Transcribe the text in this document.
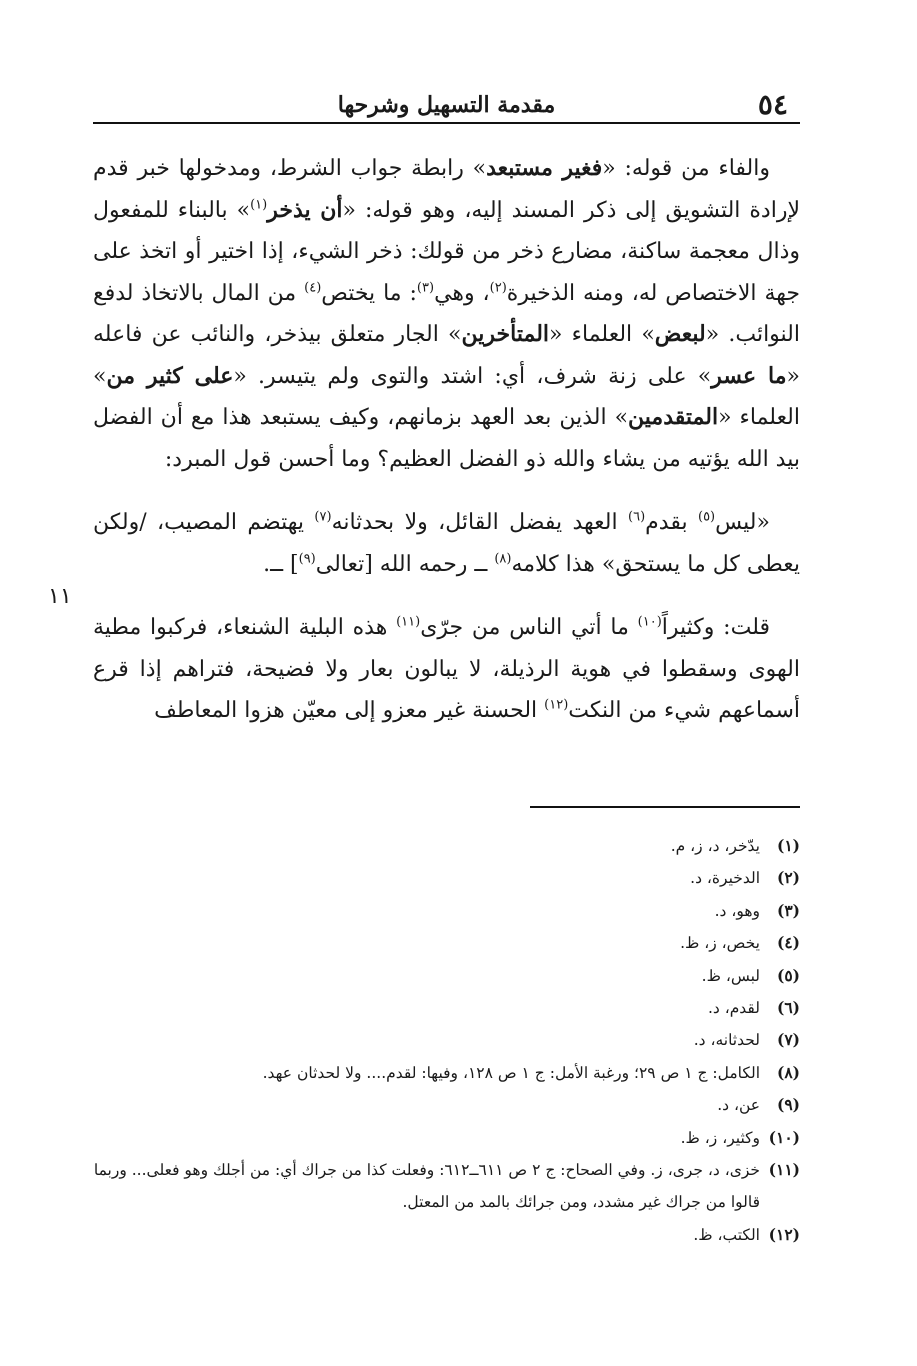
٥٤
مقدمة التسهيل وشرحها

والفاء من قوله: «فغير مستبعد» رابطة جواب الشرط، ومدخولها خبر قدم لإرادة التشويق إلى ذكر المسند إليه، وهو قوله: «أن يذخر$^{(١)}$» بالبناء للمفعول وذال معجمة ساكنة، مضارع ذخر من قولك: ذخر الشيء، إذا اختير أو اتخذ على جهة الاختصاص له، ومنه الذخيرة$^{(٢)}$، وهي$^{(٣)}$: ما يختص$^{(٤)}$ من المال بالاتخاذ لدفع النوائب. «لبعض» العلماء «المتأخرين» الجار متعلق بيذخر، والنائب عن فاعله «ما عسر» على زنة شرف، أي: اشتد والتوى ولم يتيسر. «على كثير من» العلماء «المتقدمين» الذين بعد العهد بزمانهم، وكيف يستبعد هذا مع أن الفضل بيد الله يؤتيه من يشاء والله ذو الفضل العظيم؟ وما أحسن قول المبرد:

«ليس$^{(٥)}$ بقدم$^{(٦)}$ العهد يفضل القائل، ولا بحدثانه$^{(٧)}$ يهتضم المصيب، /ولكن يعطى كل ما يستحق» هذا كلامه$^{(٨)}$ ــ رحمه الله [تعالى$^{(٩)}$] ــ.

قلت: وكثيراً$^{(١٠)}$ ما أتي الناس من جرّى$^{(١١)}$ هذه البلية الشنعاء، فركبوا مطية الهوى وسقطوا في هوية الرذيلة، لا يبالون بعار ولا فضيحة، فتراهم إذا قرع أسماعهم شيء من النكت$^{(١٢)}$ الحسنة غير معزو إلى معيّن هزوا المعاطف

١١
(١)
يدّخر، د، ز، م.
(٢)
الدخيرة، د.
(٣)
وهو، د.
(٤)
يخص، ز، ظ.
(٥)
لبس، ظ.
(٦)
لقدم، د.
(٧)
لحدثانه، د.
(٨)
الكامل: ج ١ ص ٢٩؛ ورغبة الأمل: ج ١ ص ١٢٨، وفيها: لقدم.... ولا لحدثان عهد.
(٩)
عن، د.
(١٠)
وكثير، ز، ظ.
(١١)
خزى، د، جرى، ز. وفي الصحاح: ج ٢ ص ٦١١ــ٦١٢: وفعلت كذا من جراك أي: من أجلك وهو فعلى... وربما قالوا من جراك غير مشدد، ومن جرائك بالمد من المعتل.
(١٢)
الكتب، ظ.
